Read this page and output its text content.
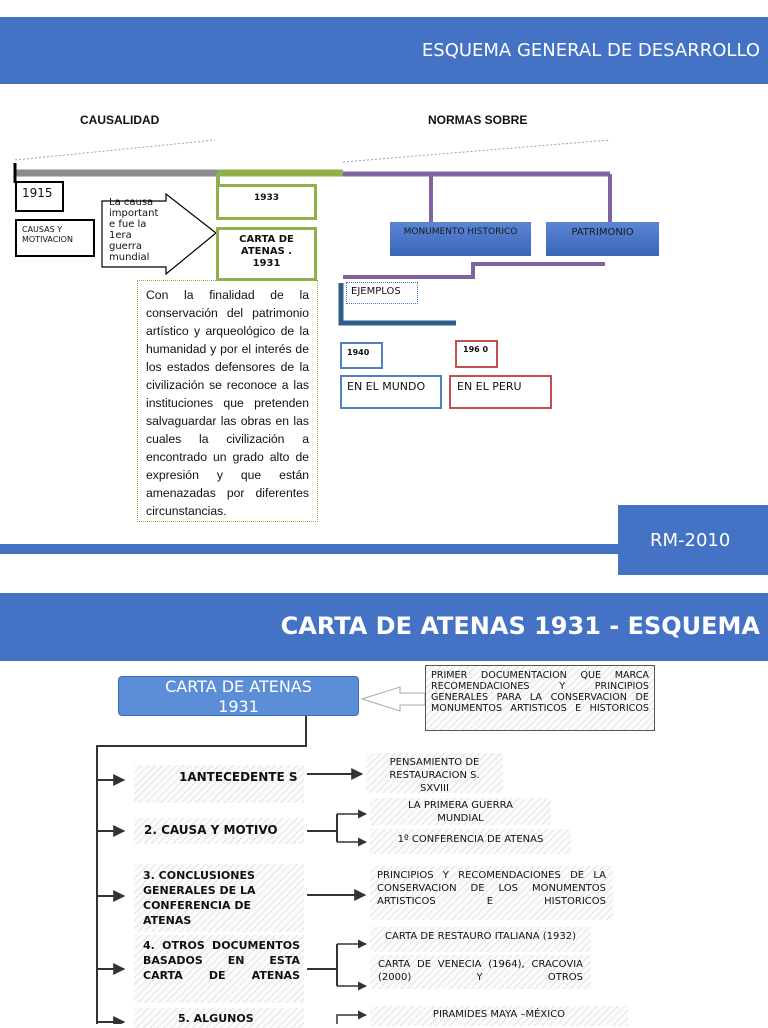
ESQUEMA GENERAL DE DESARROLLO
CAUSALIDAD	NORMAS SOBRE
1915
CAUSAS Y MOTIVACION
La causa important e fue la 1era guerra mundial
1933
CARTA DE ATENAS . 1931
Con la finalidad de la conservación del patrimonio artístico y arqueológico de la humanidad y por el interés de los estados defensores de la civilización se reconoce a las instituciones que pretenden salvaguardar las obras en las cuales la civilización a encontrado un grado alto de expresión y que están amenazadas por diferentes circunstancias.
MONUMENTO HISTORICO	PATRIMONIO
EJEMPLOS
1940	196 0
EN EL MUNDO	EN EL PERU
RM-2010
CARTA DE ATENAS 1931 - ESQUEMA
CARTA DE ATENAS 1931
PRIMER DOCUMENTACION QUE MARCA RECOMENDACIONES Y PRINCIPIOS GENERALES PARA LA CONSERVACION DE MONUMENTOS ARTISTICOS E HISTORICOS
1ANTECEDENTE S
PENSAMIENTO DE RESTAURACION S. SXVIII
2. CAUSA Y MOTIVO
LA PRIMERA GUERRA MUNDIAL
1º CONFERENCIA DE ATENAS
3. CONCLUSIONES GENERALES DE LA CONFERENCIA DE ATENAS
PRINCIPIOS Y RECOMENDACIONES DE LA CONSERVACION DE LOS MONUMENTOS ARTISTICOS E HISTORICOS
4. OTROS DOCUMENTOS BASADOS EN ESTA CARTA DE ATENAS
CARTA DE RESTAURO ITALIANA (1932)
CARTA DE VENECIA (1964), CRACOVIA (2000) Y OTROS
5. ALGUNOS	PIRAMIDES MAYA –MÉXICO
